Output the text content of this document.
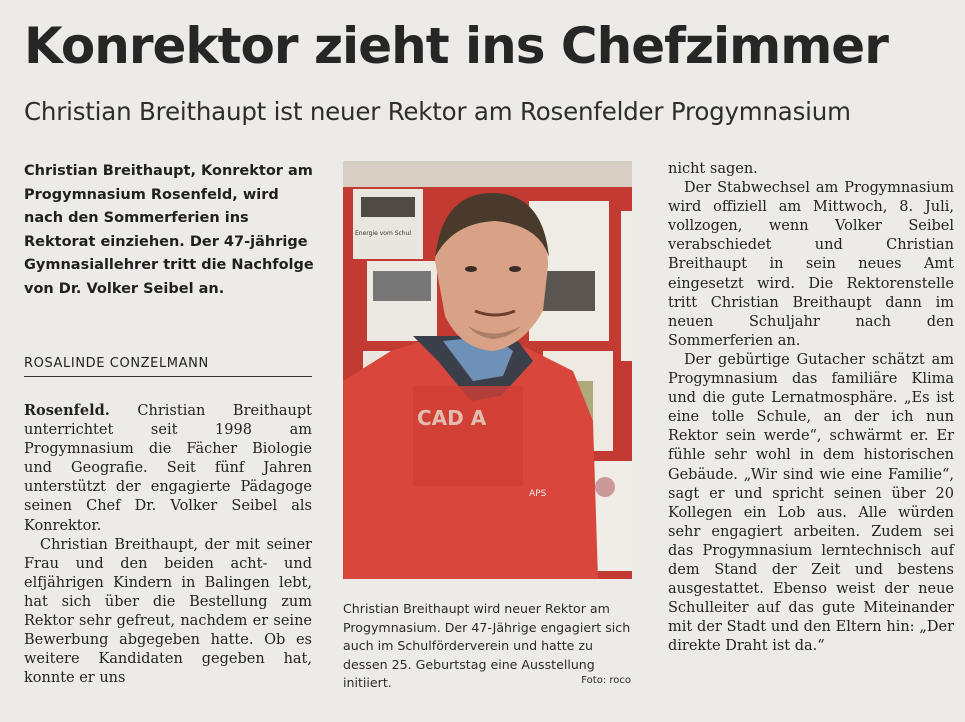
Konrektor zieht ins Chefzimmer
Christian Breithaupt ist neuer Rektor am Rosenfelder Progymnasium

Christian Breithaupt, Konrektor am Progymnasium Rosenfeld, wird nach den Sommerferien ins Rektorat einziehen. Der 47-jährige Gymnasiallehrer tritt die Nachfolge von Dr. Volker Seibel an.

ROSALINDE CONZELMANN

Rosenfeld. Christian Breithaupt unterrichtet seit 1998 am Progymnasium die Fächer Biologie und Geografie. Seit fünf Jahren unterstützt der engagierte Pädagoge seinen Chef Dr. Volker Seibel als Konrektor.

Christian Breithaupt, der mit seiner Frau und den beiden acht- und elfjährigen Kindern in Balingen lebt, hat sich über die Bestellung zum Rektor sehr gefreut, nachdem er seine Bewerbung abgegeben hatte. Ob es weitere Kandidaten gegeben hat, konnte er uns

Energie vom Schul
CAD A
APS

Christian Breithaupt wird neuer Rektor am Progymnasium. Der 47-Jährige engagiert sich auch im Schulförderverein und hatte zu dessen 25. Geburtstag eine Ausstellung initiiert.	Foto: roco

nicht sagen.

Der Stabwechsel am Progymnasium wird offiziell am Mittwoch, 8. Juli, vollzogen, wenn Volker Seibel verabschiedet und Christian Breithaupt in sein neues Amt eingesetzt wird. Die Rektorenstelle tritt Christian Breithaupt dann im neuen Schuljahr nach den Sommerferien an.

Der gebürtige Gutacher schätzt am Progymnasium das familiäre Klima und die gute Lernatmosphäre. „Es ist eine tolle Schule, an der ich nun Rektor sein werde“, schwärmt er. Er fühle sehr wohl in dem historischen Gebäude. „Wir sind wie eine Familie“, sagt er und spricht seinen über 20 Kollegen ein Lob aus. Alle würden sehr engagiert arbeiten. Zudem sei das Progymnasium lerntechnisch auf dem Stand der Zeit und bestens ausgestattet. Ebenso weist der neue Schulleiter auf das gute Miteinander mit der Stadt und den Eltern hin: „Der direkte Draht ist da.“
